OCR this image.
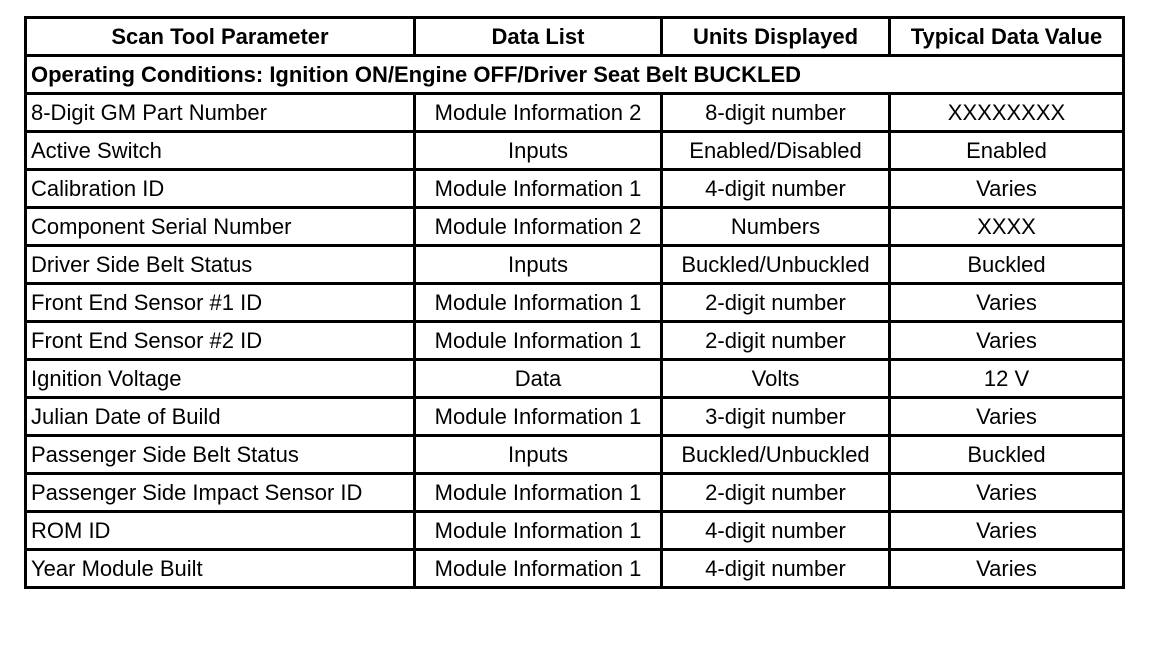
Scan Tool Parameter	Data List	Units Displayed	Typical Data Value
Operating Conditions: Ignition ON/Engine OFF/Driver Seat Belt BUCKLED			
8-Digit GM Part Number	Module Information 2	8-digit number	XXXXXXXX
Active Switch	Inputs	Enabled/Disabled	Enabled
Calibration ID	Module Information 1	4-digit number	Varies
Component Serial Number	Module Information 2	Numbers	XXXX
Driver Side Belt Status	Inputs	Buckled/Unbuckled	Buckled
Front End Sensor #1 ID	Module Information 1	2-digit number	Varies
Front End Sensor #2 ID	Module Information 1	2-digit number	Varies
Ignition Voltage	Data	Volts	12 V
Julian Date of Build	Module Information 1	3-digit number	Varies
Passenger Side Belt Status	Inputs	Buckled/Unbuckled	Buckled
Passenger Side Impact Sensor ID	Module Information 1	2-digit number	Varies
ROM ID	Module Information 1	4-digit number	Varies
Year Module Built	Module Information 1	4-digit number	Varies
